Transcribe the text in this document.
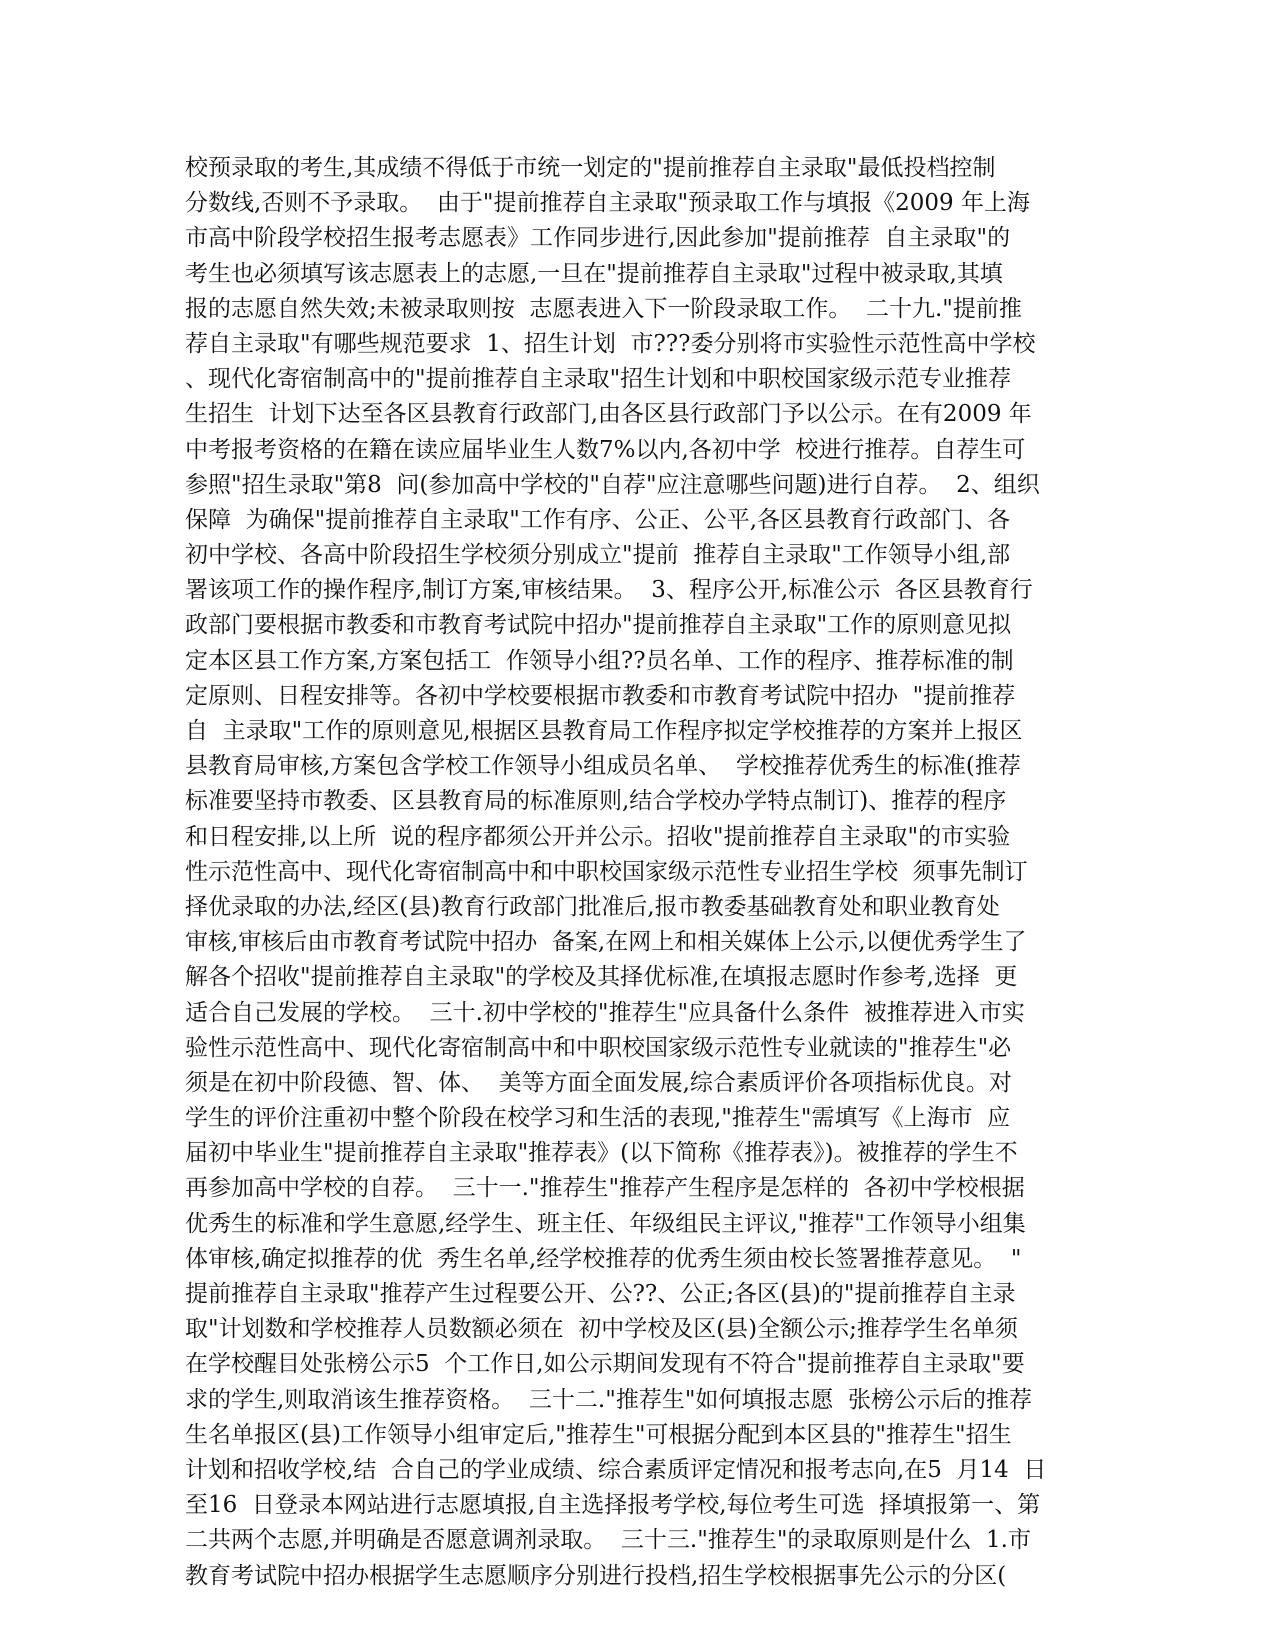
校预录取的考生,其成绩不得低于市统一划定的"提前推荐自主录取"最低投档控制
分数线,否则不予录取。  由于"提前推荐自主录取"预录取工作与填报《2009 年上海
市高中阶段学校招生报考志愿表》工作同步进行,因此参加"提前推荐  自主录取"的
考生也必须填写该志愿表上的志愿,一旦在"提前推荐自主录取"过程中被录取,其填
报的志愿自然失效;未被录取则按  志愿表进入下一阶段录取工作。  二十九."提前推
荐自主录取"有哪些规范要求  1、招生计划  市???委分别将市实验性示范性高中学校
、现代化寄宿制高中的"提前推荐自主录取"招生计划和中职校国家级示范专业推荐
生招生  计划下达至各区县教育行政部门,由各区县行政部门予以公示。在有2009 年
中考报考资格的在籍在读应届毕业生人数7%以内,各初中学  校进行推荐。自荐生可
参照"招生录取"第8  问(参加高中学校的"自荐"应注意哪些问题)进行自荐。  2、组织
保障  为确保"提前推荐自主录取"工作有序、公正、公平,各区县教育行政部门、各
初中学校、各高中阶段招生学校须分别成立"提前  推荐自主录取"工作领导小组,部
署该项工作的操作程序,制订方案,审核结果。  3、程序公开,标准公示  各区县教育行
政部门要根据市教委和市教育考试院中招办"提前推荐自主录取"工作的原则意见拟
定本区县工作方案,方案包括工  作领导小组??员名单、工作的程序、推荐标准的制
定原则、日程安排等。各初中学校要根据市教委和市教育考试院中招办  "提前推荐
自  主录取"工作的原则意见,根据区县教育局工作程序拟定学校推荐的方案并上报区
县教育局审核,方案包含学校工作领导小组成员名单、  学校推荐优秀生的标准(推荐
标准要坚持市教委、区县教育局的标准原则,结合学校办学特点制订)、推荐的程序
和日程安排,以上所  说的程序都须公开并公示。招收"提前推荐自主录取"的市实验
性示范性高中、现代化寄宿制高中和中职校国家级示范性专业招生学校  须事先制订
择优录取的办法,经区(县)教育行政部门批准后,报市教委基础教育处和职业教育处
审核,审核后由市教育考试院中招办  备案,在网上和相关媒体上公示,以便优秀学生了
解各个招收"提前推荐自主录取"的学校及其择优标准,在填报志愿时作参考,选择  更
适合自己发展的学校。  三十.初中学校的"推荐生"应具备什么条件  被推荐进入市实
验性示范性高中、现代化寄宿制高中和中职校国家级示范性专业就读的"推荐生"必
须是在初中阶段德、智、体、  美等方面全面发展,综合素质评价各项指标优良。对
学生的评价注重初中整个阶段在校学习和生活的表现,"推荐生"需填写《上海市  应
届初中毕业生"提前推荐自主录取"推荐表》(以下简称《推荐表》)。被推荐的学生不
再参加高中学校的自荐。  三十一."推荐生"推荐产生程序是怎样的  各初中学校根据
优秀生的标准和学生意愿,经学生、班主任、年级组民主评议,"推荐"工作领导小组集
体审核,确定拟推荐的优  秀生名单,经学校推荐的优秀生须由校长签署推荐意见。  "
提前推荐自主录取"推荐产生过程要公开、公??、公正;各区(县)的"提前推荐自主录
取"计划数和学校推荐人员数额必须在  初中学校及区(县)全额公示;推荐学生名单须
在学校醒目处张榜公示5  个工作日,如公示期间发现有不符合"提前推荐自主录取"要
求的学生,则取消该生推荐资格。  三十二."推荐生"如何填报志愿  张榜公示后的推荐
生名单报区(县)工作领导小组审定后,"推荐生"可根据分配到本区县的"推荐生"招生
计划和招收学校,结  合自己的学业成绩、综合素质评定情况和报考志向,在5  月14  日
至16  日登录本网站进行志愿填报,自主选择报考学校,每位考生可选  择填报第一、第
二共两个志愿,并明确是否愿意调剂录取。  三十三."推荐生"的录取原则是什么  1.市
教育考试院中招办根据学生志愿顺序分别进行投档,招生学校根据事先公示的分区(
